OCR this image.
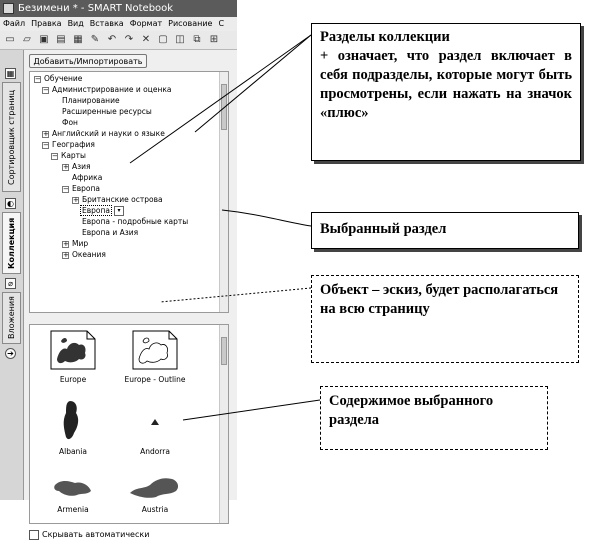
Безимени * - SMART Notebook
Файл Правка Вид Вставка Формат Рисование С
▭ ▱ ▣ ▤ ▦ ✎ ↶ ↷ ✕ ▢ ◫ ⧉ ⊞
▦
Сортировщик страниц
◐
Коллекция
⌀
Вложения
➔
Добавить/Импортировать
− Обучение
− Администрирование и оценка
Планирование
Расширенные ресурсы
Фон
+ Английский и науки о языке
− География
− Карты
+ Азия
Африка
− Европа
+ Британские острова
Европа ▾
Европа - подробные карты
Европа и Азия
+ Мир
+ Океания
Europe	Europe - Outline
Albania	Andorra
Armenia	Austria
Скрывать автоматически
Разделы коллекции
+ означает, что раздел включает в себя подразделы, которые могут быть просмотрены, если нажать на значок «плюс»
Выбранный раздел
Объект – эскиз, будет располагаться на всю страницу
Содержимое выбранного раздела
